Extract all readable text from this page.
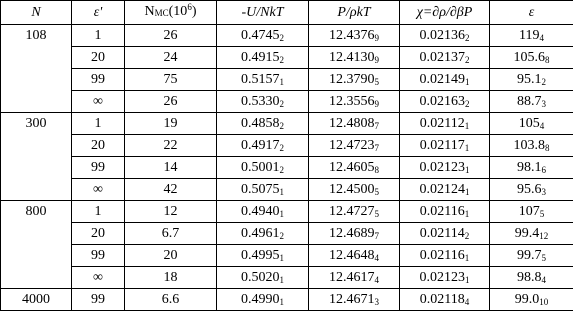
N	ε'	$NMC(10^6)$	-U/NkT	P/ρkT	χ=∂ρ/∂βP	ε
108	1	26	$0.4745_2$	$12.4376_9$	$0.02136_2$	$119_4$
	20	24	$0.4915_2$	$12.4130_9$	$0.02137_2$	$105.6_8$
	99	75	$0.5157_1$	$12.3790_5$	$0.02149_1$	$95.1_2$
	∞	26	$0.5330_2$	$12.3556_9$	$0.02163_2$	$88.7_3$
300	1	19	$0.4858_2$	$12.4808_7$	$0.02112_1$	$105_4$
	20	22	$0.4917_2$	$12.4723_7$	$0.02117_1$	$103.8_8$
	99	14	$0.5001_2$	$12.4605_8$	$0.02123_1$	$98.1_6$
	∞	42	$0.5075_1$	$12.4500_5$	$0.02124_1$	$95.6_3$
800	1	12	$0.4940_1$	$12.4727_5$	$0.02116_1$	$107_5$
	20	6.7	$0.4961_2$	$12.4689_7$	$0.02114_2$	$99.4_{12}$
	99	20	$0.4995_1$	$12.4648_4$	$0.02116_1$	$99.7_5$
	∞	18	$0.5020_1$	$12.4617_4$	$0.02123_1$	$98.8_4$
4000	99	6.6	$0.4990_1$	$12.4671_3$	$0.02118_4$	$99.0_{10}$
